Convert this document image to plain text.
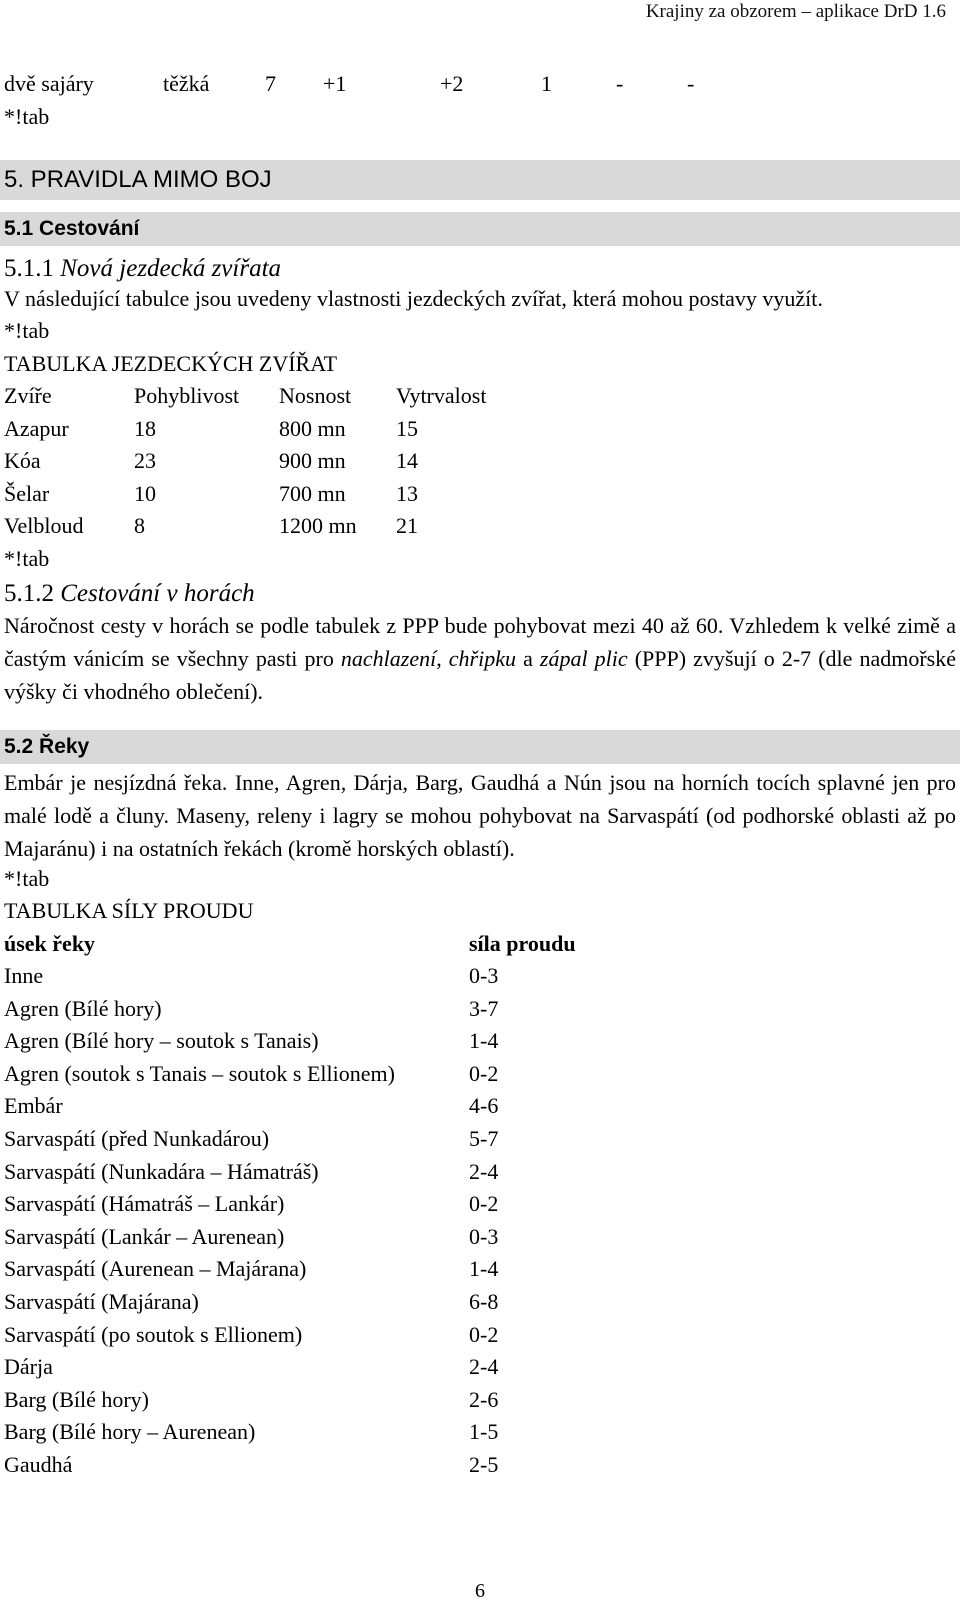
Krajiny za obzorem – aplikace DrD 1.6
dvě sajáry	těžká	7 +1	+2	1	-	-
*!tab
5. PRAVIDLA MIMO BOJ
5.1 Cestování
5.1.1 Nová jezdecká zvířata
V následující tabulce jsou uvedeny vlastnosti jezdeckých zvířat, která mohou postavy využít.
*!tab
TABULKA JEZDECKÝCH ZVÍŘAT
Zvíře	Pohyblivost Nosnost Vytrvalost
Azapur	18	800 mn 15
Kóa	23	900 mn 14
Šelar	10	700 mn 13
Velbloud 8	1200 mn 21
*!tab
5.1.2 Cestování v horách
Náročnost cesty v horách se podle tabulek z PPP bude pohybovat mezi 40 až 60. Vzhledem k velké zimě a častým vánicím se všechny pasti pro nachlazení, chřipku a zápal plic (PPP) zvyšují o 2-7 (dle nadmořské výšky či vhodného oblečení).
5.2 Řeky
Embár je nesjízdná řeka. Inne, Agren, Dárja, Barg, Gaudhá a Nún jsou na horních tocích splavné jen pro malé lodě a čluny. Maseny, releny i lagry se mohou pohybovat na Sarvaspátí (od podhorské oblasti až po Majaránu) i na ostatních řekách (kromě horských oblastí).
*!tab
TABULKA SÍLY PROUDU
úsek řeky	síla proudu
Inne	0-3
Agren (Bílé hory)	3-7
Agren (Bílé hory – soutok s Tanais)	1-4
Agren (soutok s Tanais – soutok s Ellionem)	0-2
Embár	4-6
Sarvaspátí (před Nunkadárou)	5-7
Sarvaspátí (Nunkadára – Hámatráš)	2-4
Sarvaspátí (Hámatráš – Lankár)	0-2
Sarvaspátí (Lankár – Aurenean)	0-3
Sarvaspátí (Aurenean – Majárana)	1-4
Sarvaspátí (Majárana)	6-8
Sarvaspátí (po soutok s Ellionem)	0-2
Dárja	2-4
Barg (Bílé hory)	2-6
Barg (Bílé hory – Aurenean)	1-5
Gaudhá	2-5
6
